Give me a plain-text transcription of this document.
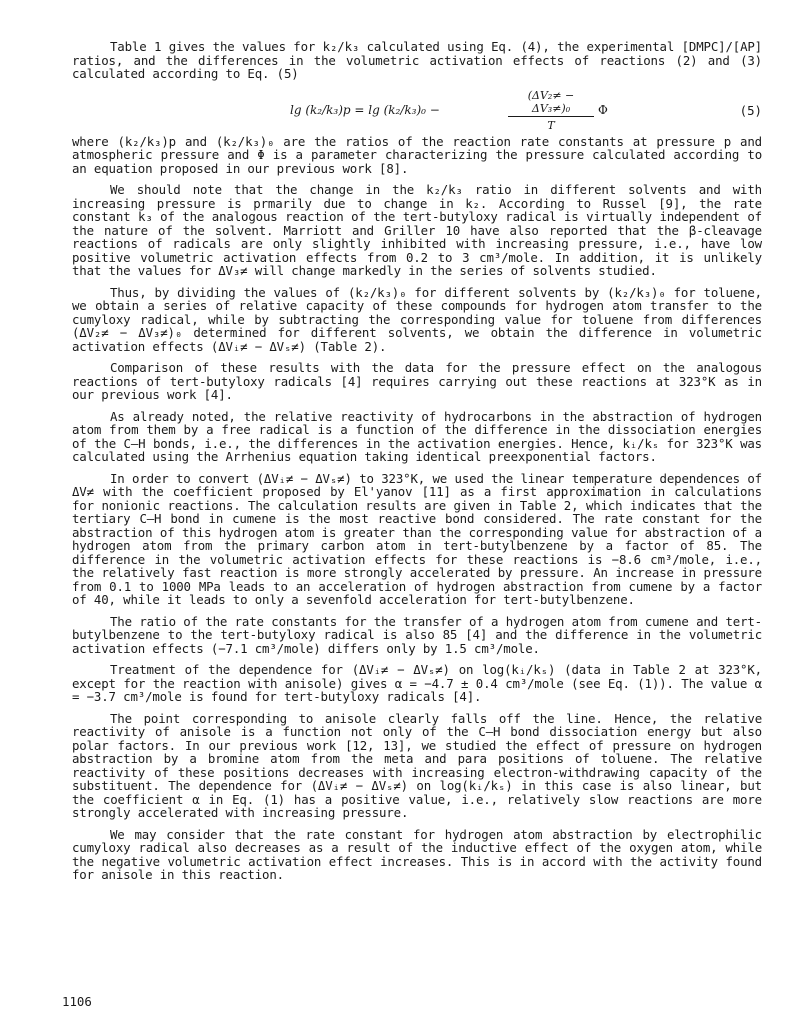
Table 1 gives the values for k₂/k₃ calculated using Eq. (4), the experimental [DMPC]/[AP] ratios, and the differences in the volumetric activation effects of reactions (2) and (3) calculated according to Eq. (5)

lg (k₂/k₃)p = lg (k₂/k₃)₀ −	$\frac{\text{(ΔV₂≠ − ΔV₃≠)₀}}{T}$ Φ	(5)

where (k₂/k₃)p and (k₂/k₃)₀ are the ratios of the reaction rate constants at pressure p and atmospheric pressure and Φ is a parameter characterizing the pressure calculated according to an equation proposed in our previous work [8].

We should note that the change in the k₂/k₃ ratio in different solvents and with increasing pressure is prmarily due to change in k₂. According to Russel [9], the rate constant k₃ of the analogous reaction of the tert-butyloxy radical is virtually independent of the nature of the solvent. Marriott and Griller 10 have also reported that the β-cleavage reactions of radicals are only slightly inhibited with increasing pressure, i.e., have low positive volumetric activation effects from 0.2 to 3 cm³/mole. In addition, it is unlikely that the values for ΔV₃≠ will change markedly in the series of solvents studied.

Thus, by dividing the values of (k₂/k₃)₀ for different solvents by (k₂/k₃)₀ for toluene, we obtain a series of relative capacity of these compounds for hydrogen atom transfer to the cumyloxy radical, while by subtracting the corresponding value for toluene from differences (ΔV₂≠ − ΔV₃≠)₀ determined for different solvents, we obtain the difference in volumetric activation effects (ΔVᵢ≠ − ΔVₛ≠) (Table 2).

Comparison of these results with the data for the pressure effect on the analogous reactions of tert-butyloxy radicals [4] requires carrying out these reactions at 323°K as in our previous work [4].

As already noted, the relative reactivity of hydrocarbons in the abstraction of hydrogen atom from them by a free radical is a function of the difference in the dissociation energies of the C–H bonds, i.e., the differences in the activation energies. Hence, kᵢ/kₛ for 323°K was calculated using the Arrhenius equation taking identical preexponential factors.

In order to convert (ΔVᵢ≠ − ΔVₛ≠) to 323°K, we used the linear temperature dependences of ΔV≠ with the coefficient proposed by El'yanov [11] as a first approximation in calculations for nonionic reactions. The calculation results are given in Table 2, which indicates that the tertiary C–H bond in cumene is the most reactive bond considered. The rate constant for the abstraction of this hydrogen atom is greater than the corresponding value for abstraction of a hydrogen atom from the primary carbon atom in tert-butylbenzene by a factor of 85. The difference in the volumetric activation effects for these reactions is −8.6 cm³/mole, i.e., the relatively fast reaction is more strongly accelerated by pressure. An increase in pressure from 0.1 to 1000 MPa leads to an acceleration of hydrogen abstraction from cumene by a factor of 40, while it leads to only a sevenfold acceleration for tert-butylbenzene.

The ratio of the rate constants for the transfer of a hydrogen atom from cumene and tert-butylbenzene to the tert-butyloxy radical is also 85 [4] and the difference in the volumetric activation effects (−7.1 cm³/mole) differs only by 1.5 cm³/mole.

Treatment of the dependence for (ΔVᵢ≠ − ΔVₛ≠) on log(kᵢ/kₛ) (data in Table 2 at 323°K, except for the reaction with anisole) gives α = −4.7 ± 0.4 cm³/mole (see Eq. (1)). The value α = −3.7 cm³/mole is found for tert-butyloxy radicals [4].

The point corresponding to anisole clearly falls off the line. Hence, the relative reactivity of anisole is a function not only of the C–H bond dissociation energy but also polar factors. In our previous work [12, 13], we studied the effect of pressure on hydrogen abstraction by a bromine atom from the meta and para positions of toluene. The relative reactivity of these positions decreases with increasing electron-withdrawing capacity of the substituent. The dependence for (ΔVᵢ≠ − ΔVₛ≠) on log(kᵢ/kₛ) in this case is also linear, but the coefficient α in Eq. (1) has a positive value, i.e., relatively slow reactions are more strongly accelerated with increasing pressure.

We may consider that the rate constant for hydrogen atom abstraction by electrophilic cumyloxy radical also decreases as a result of the inductive effect of the oxygen atom, while the negative volumetric activation effect increases. This is in accord with the activity found for anisole in this reaction.

1106
